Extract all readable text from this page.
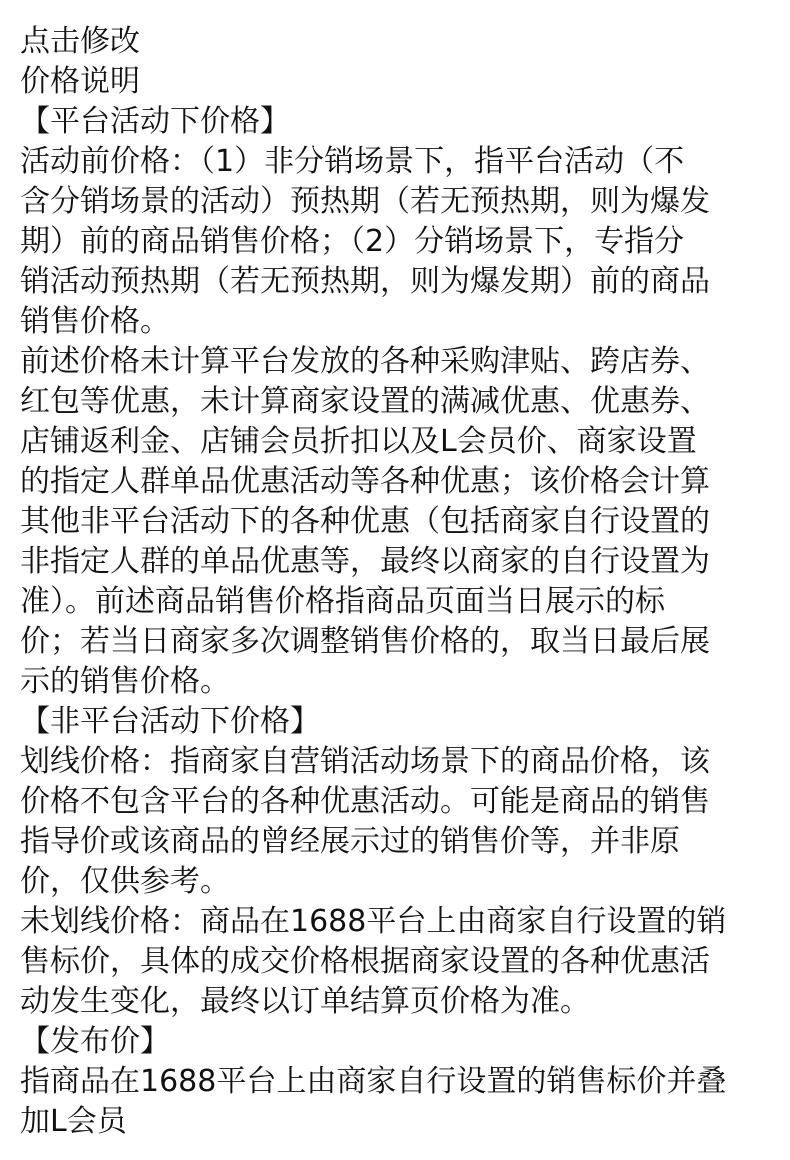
点击修改
价格说明
【平台活动下价格】
活动前价格：（1）非分销场景下，指平台活动（不
含分销场景的活动）预热期（若无预热期，则为爆发
期）前的商品销售价格；（2）分销场景下，专指分
销活动预热期（若无预热期，则为爆发期）前的商品
销售价格。
前述价格未计算平台发放的各种采购津贴、跨店券、
红包等优惠，未计算商家设置的满减优惠、优惠券、
店铺返利金、店铺会员折扣以及L会员价、商家设置
的指定人群单品优惠活动等各种优惠；该价格会计算
其他非平台活动下的各种优惠（包括商家自行设置的
非指定人群的单品优惠等，最终以商家的自行设置为
准）。前述商品销售价格指商品页面当日展示的标
价；若当日商家多次调整销售价格的，取当日最后展
示的销售价格。
【非平台活动下价格】
划线价格：指商家自营销活动场景下的商品价格，该
价格不包含平台的各种优惠活动。可能是商品的销售
指导价或该商品的曾经展示过的销售价等，并非原
价，仅供参考。
未划线价格：商品在1688平台上由商家自行设置的销
售标价，具体的成交价格根据商家设置的各种优惠活
动发生变化，最终以订单结算页价格为准。
【发布价】
指商品在1688平台上由商家自行设置的销售标价并叠
加L会员
